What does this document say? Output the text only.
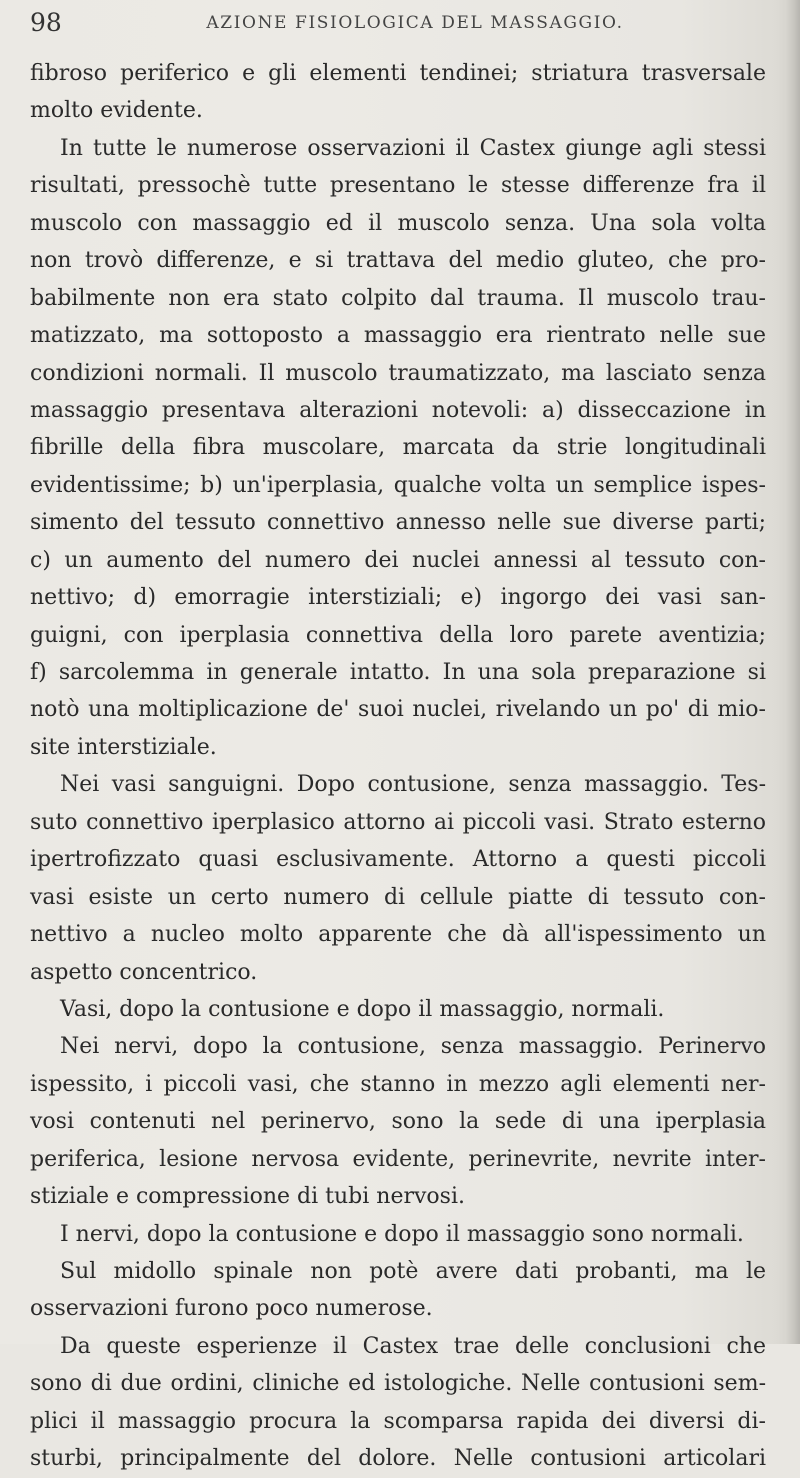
98	AZIONE FISIOLOGICA DEL MASSAGGIO.
fibroso periferico e gli elementi tendinei; striatura trasversale
molto evidente.
In tutte le numerose osservazioni il Castex giunge agli stessi
risultati, pressochè tutte presentano le stesse differenze fra il
muscolo con massaggio ed il muscolo senza. Una sola volta
non trovò differenze, e si trattava del medio gluteo, che pro-
babilmente non era stato colpito dal trauma. Il muscolo trau-
matizzato, ma sottoposto a massaggio era rientrato nelle sue
condizioni normali. Il muscolo traumatizzato, ma lasciato senza
massaggio presentava alterazioni notevoli: a) disseccazione in
fibrille della fibra muscolare, marcata da strie longitudinali
evidentissime; b) un'iperplasia, qualche volta un semplice ispes-
simento del tessuto connettivo annesso nelle sue diverse parti;
c) un aumento del numero dei nuclei annessi al tessuto con-
nettivo; d) emorragie interstiziali; e) ingorgo dei vasi san-
guigni, con iperplasia connettiva della loro parete aventizia;
f) sarcolemma in generale intatto. In una sola preparazione si
notò una moltiplicazione de' suoi nuclei, rivelando un po' di mio-
site interstiziale.
Nei vasi sanguigni. Dopo contusione, senza massaggio. Tes-
suto connettivo iperplasico attorno ai piccoli vasi. Strato esterno
ipertrofizzato quasi esclusivamente. Attorno a questi piccoli
vasi esiste un certo numero di cellule piatte di tessuto con-
nettivo a nucleo molto apparente che dà all'ispessimento un
aspetto concentrico.
Vasi, dopo la contusione e dopo il massaggio, normali.
Nei nervi, dopo la contusione, senza massaggio. Perinervo
ispessito, i piccoli vasi, che stanno in mezzo agli elementi ner-
vosi contenuti nel perinervo, sono la sede di una iperplasia
periferica, lesione nervosa evidente, perinevrite, nevrite inter-
stiziale e compressione di tubi nervosi.
I nervi, dopo la contusione e dopo il massaggio sono normali.
Sul midollo spinale non potè avere dati probanti, ma le
osservazioni furono poco numerose.
Da queste esperienze il Castex trae delle conclusioni che
sono di due ordini, cliniche ed istologiche. Nelle contusioni sem-
plici il massaggio procura la scomparsa rapida dei diversi di-
sturbi, principalmente del dolore. Nelle contusioni articolari
